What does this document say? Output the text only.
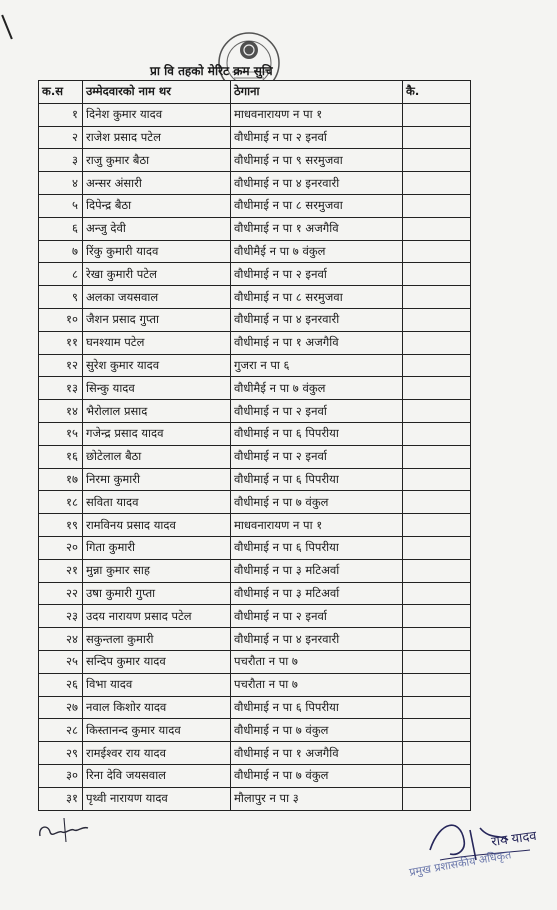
प्रा वि तहको मेरिट क्रम सुचि
क.स	उम्मेदवारको नाम थर	ठेगाना	कै.
१	दिनेश कुमार यादव	माधवनारायण न पा १	
२	राजेश प्रसाद पटेल	वौधीमाई न पा २ इनर्वा	
३	राजु कुमार बैठा	वौधीमाई न पा ९ सरमुजवा	
४	अन्सर अंसारी	वौधीमाई न पा ४ इनरवारी	
५	दिपेन्द्र बैठा	वौधीमाई न पा ८ सरमुजवा	
६	अन्जु देवी	वौधीमाई न पा १ अजगैवि	
७	रिंकु कुमारी यादव	वौधीमैई न पा ७ वंकुल	
८	रेखा कुमारी पटेल	वौधीमाई न पा २ इनर्वा	
९	अलका जयसवाल	वौधीमाई न पा ८ सरमुजवा	
१०	जैशन प्रसाद गुप्ता	वौधीमाई न पा ४ इनरवारी	
११	घनश्याम पटेल	वौधीमाई न पा १ अजगैवि	
१२	सुरेश कुमार यादव	गुजरा न पा ६	
१३	सिन्कु यादव	वौधीमैई न पा ७ वंकुल	
१४	भैरोलाल प्रसाद	वौधीमाई न पा २ इनर्वा	
१५	गजेन्द्र प्रसाद यादव	वौधीमाई न पा ६ पिपरीया	
१६	छोटेलाल बैठा	वौधीमाई न पा २ इनर्वा	
१७	निरमा कुमारी	वौधीमाई न पा ६ पिपरीया	
१८	सविता यादव	वौधीमाई न पा ७ वंकुल	
१९	रामविनय प्रसाद यादव	माधवनारायण न पा १	
२०	गिता कुमारी	वौधीमाई न पा ६ पिपरीया	
२१	मुन्ना कुमार साह	वौधीमाई न पा ३ मटिअर्वा	
२२	उषा कुमारी गुप्ता	वौधीमाई न पा ३ मटिअर्वा	
२३	उदय नारायण प्रसाद पटेल	वौधीमाई न पा २ इनर्वा	
२४	सकुन्तला कुमारी	वौधीमाई न पा ४ इनरवारी	
२५	सन्दिप कुमार यादव	पचरौता न पा ७	
२६	विभा यादव	पचरौता न पा ७	
२७	नवाल किशोर यादव	वौधीमाई न पा ६ पिपरीया	
२८	किस्तानन्द कुमार यादव	वौधीमाई न पा ७ वंकुल	
२९	रामईश्वर राय यादव	वौधीमाई न पा १ अजगैवि	
३०	रिना देवि जयसवाल	वौधीमाई न पा ७ वंकुल	
३१	पृथ्वी नारायण यादव	मौलापुर न पा ३	
राय यादव
प्रमुख प्रशासकीय अधिकृत
